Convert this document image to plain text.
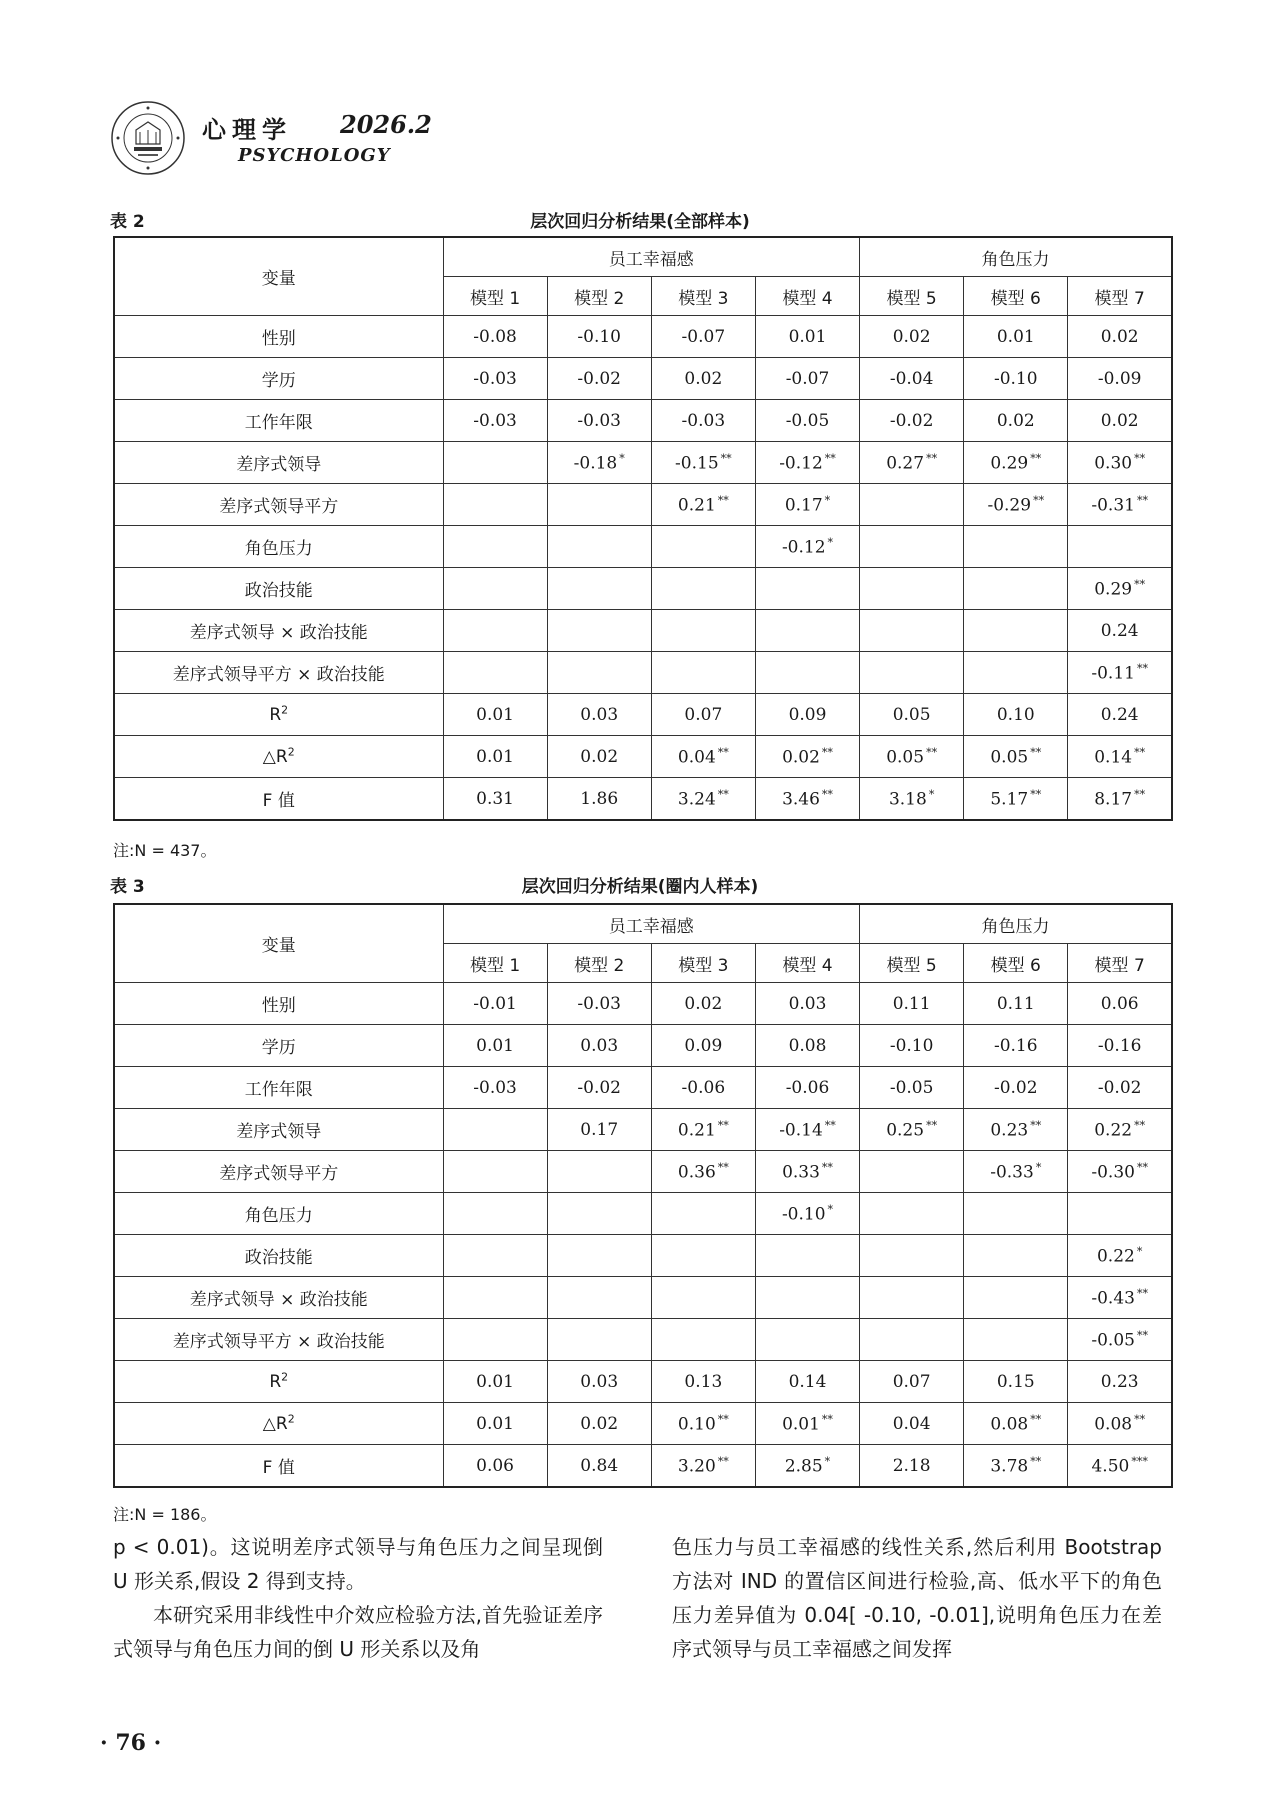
心理学 2026.2
PSYCHOLOGY
表 2	层次回归分析结果(全部样本)
变量	员工幸福感				角色压力		
	模型 1	模型 2	模型 3	模型 4	模型 5	模型 6	模型 7
性别	-0.08	-0.10	-0.07	0.01	0.02	0.01	0.02
学历	-0.03	-0.02	0.02	-0.07	-0.04	-0.10	-0.09
工作年限	-0.03	-0.03	-0.03	-0.05	-0.02	0.02	0.02
差序式领导		-0.18 *	-0.15 **	-0.12 **	0.27 **	0.29 **	0.30 **
差序式领导平方			0.21 **	0.17 *		-0.29 **	-0.31 **
角色压力				-0.12 *			
政治技能							0.29 **
差序式领导 × 政治技能							0.24
差序式领导平方 × 政治技能							-0.11 **
$R^2$	0.01	0.03	0.07	0.09	0.05	0.10	0.24
$\triangle R^2$	0.01	0.02	0.04 **	0.02 **	0.05 **	0.05 **	0.14 **
F 值	0.31	1.86	3.24 **	3.46 **	3.18 *	5.17 **	8.17 **
注:N = 437。
表 3	层次回归分析结果(圈内人样本)
变量	员工幸福感				角色压力		
	模型 1	模型 2	模型 3	模型 4	模型 5	模型 6	模型 7
性别	-0.01	-0.03	0.02	0.03	0.11	0.11	0.06
学历	0.01	0.03	0.09	0.08	-0.10	-0.16	-0.16
工作年限	-0.03	-0.02	-0.06	-0.06	-0.05	-0.02	-0.02
差序式领导		0.17	0.21 **	-0.14 **	0.25 **	0.23 **	0.22 **
差序式领导平方			0.36 **	0.33 **		-0.33 *	-0.30 **
角色压力				-0.10 *			
政治技能							0.22 *
差序式领导 × 政治技能							-0.43 **
差序式领导平方 × 政治技能							-0.05 **
$R^2$	0.01	0.03	0.13	0.14	0.07	0.15	0.23
$\triangle R^2$	0.01	0.02	0.10 **	0.01 **	0.04	0.08 **	0.08 **
F 值	0.06	0.84	3.20 **	2.85 *	2.18	3.78 **	4.50 ***
注:N = 186。

p < 0.01)。这说明差序式领导与角色压力之间呈现倒 U 形关系,假设 2 得到支持。

本研究采用非线性中介效应检验方法,首先验证差序式领导与角色压力间的倒 U 形关系以及角

色压力与员工幸福感的线性关系,然后利用 Bootstrap 方法对 IND 的置信区间进行检验,高、低水平下的角色压力差异值为 0.04[ -0.10, -0.01],说明角色压力在差序式领导与员工幸福感之间发挥

· 76 ·
